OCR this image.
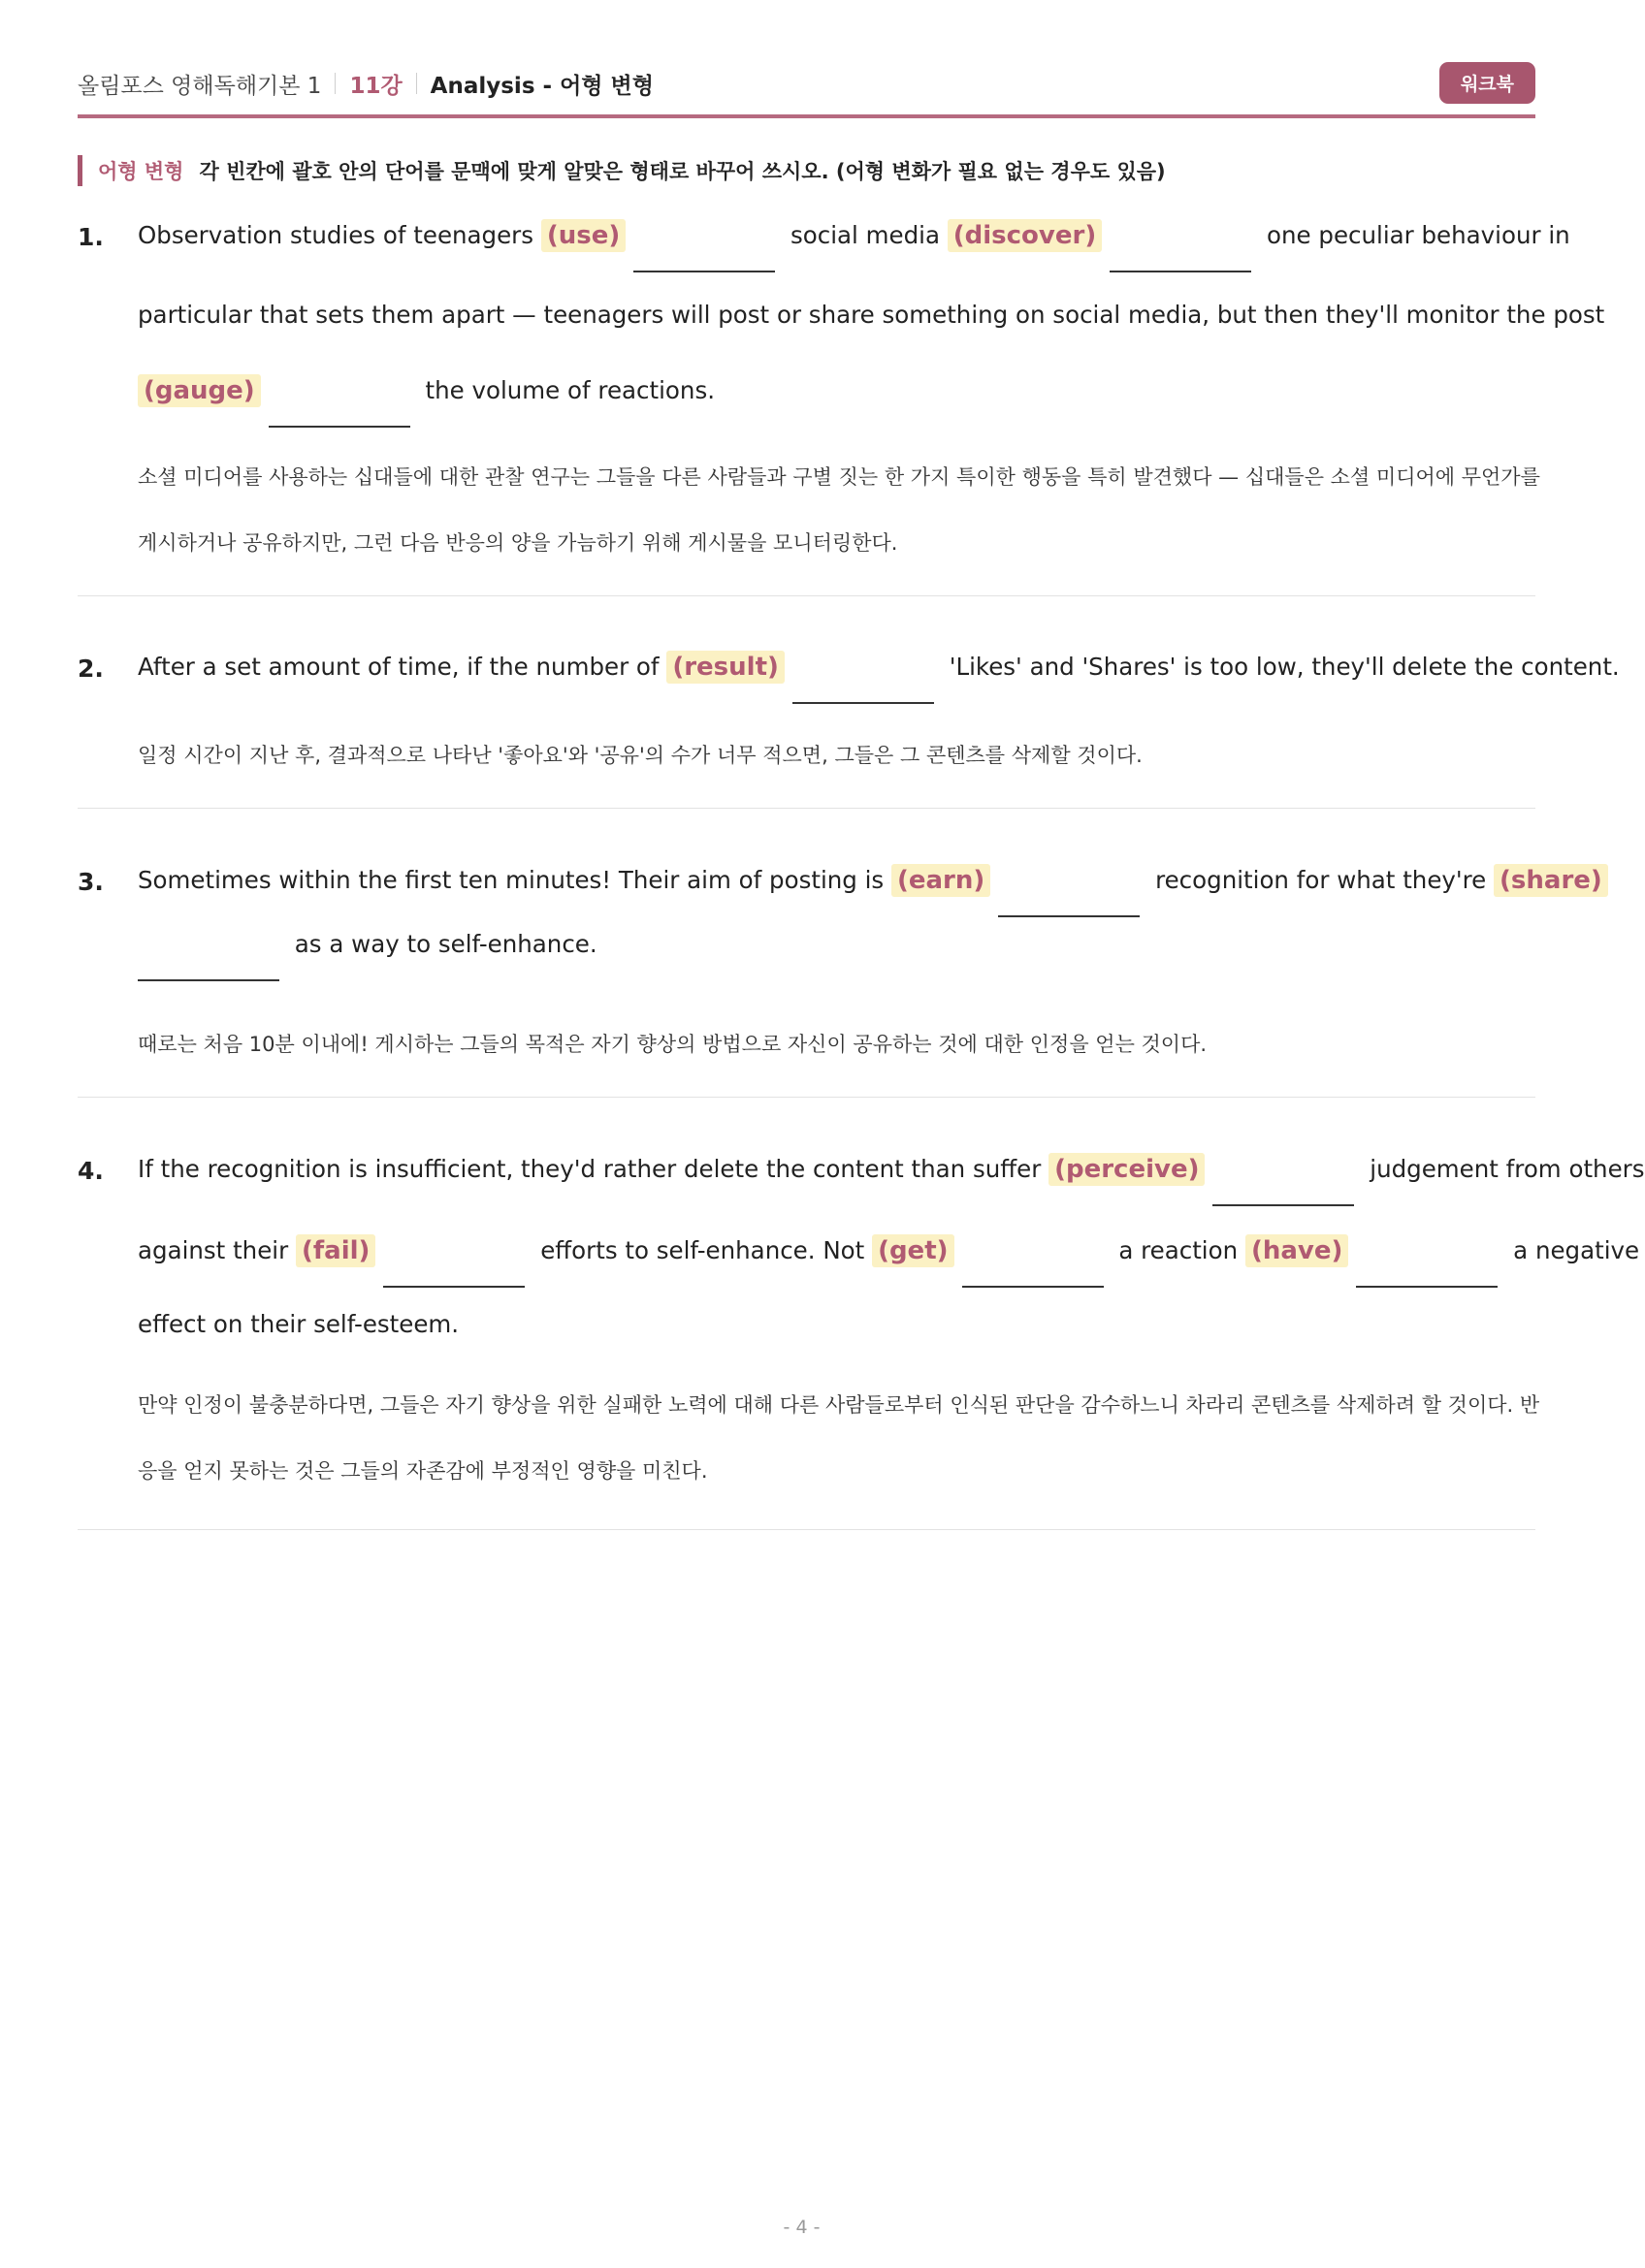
올림포스 영해독해기본 1 11강 Analysis - 어형 변형	워크북
어형 변형 각 빈칸에 괄호 안의 단어를 문맥에 맞게 알맞은 형태로 바꾸어 쓰시오. (어형 변화가 필요 없는 경우도 있음)
1. Observation studies of teenagers (use)	social media (discover)	one peculiar behaviour in
particular that sets them apart — teenagers will post or share something on social media, but then they'll monitor the post
(gauge)	the volume of reactions.
소셜 미디어를 사용하는 십대들에 대한 관찰 연구는 그들을 다른 사람들과 구별 짓는 한 가지 특이한 행동을 특히 발견했다 — 십대들은 소셜 미디어에 무언가를
게시하거나 공유하지만, 그런 다음 반응의 양을 가늠하기 위해 게시물을 모니터링한다.
2. After a set amount of time, if the number of (result)	'Likes' and 'Shares' is too low, they'll delete the content.
일정 시간이 지난 후, 결과적으로 나타난 '좋아요'와 '공유'의 수가 너무 적으면, 그들은 그 콘텐츠를 삭제할 것이다.
3. Sometimes within the first ten minutes! Their aim of posting is (earn)	recognition for what they're (share)
as a way to self-enhance.
때로는 처음 10분 이내에! 게시하는 그들의 목적은 자기 향상의 방법으로 자신이 공유하는 것에 대한 인정을 얻는 것이다.
4. If the recognition is insufficient, they'd rather delete the content than suffer (perceive)	judgement from others
against their (fail)	efforts to self-enhance. Not (get)	a reaction (have)	a negative
effect on their self-esteem.
만약 인정이 불충분하다면, 그들은 자기 향상을 위한 실패한 노력에 대해 다른 사람들로부터 인식된 판단을 감수하느니 차라리 콘텐츠를 삭제하려 할 것이다. 반
응을 얻지 못하는 것은 그들의 자존감에 부정적인 영향을 미친다.
- 4 -
